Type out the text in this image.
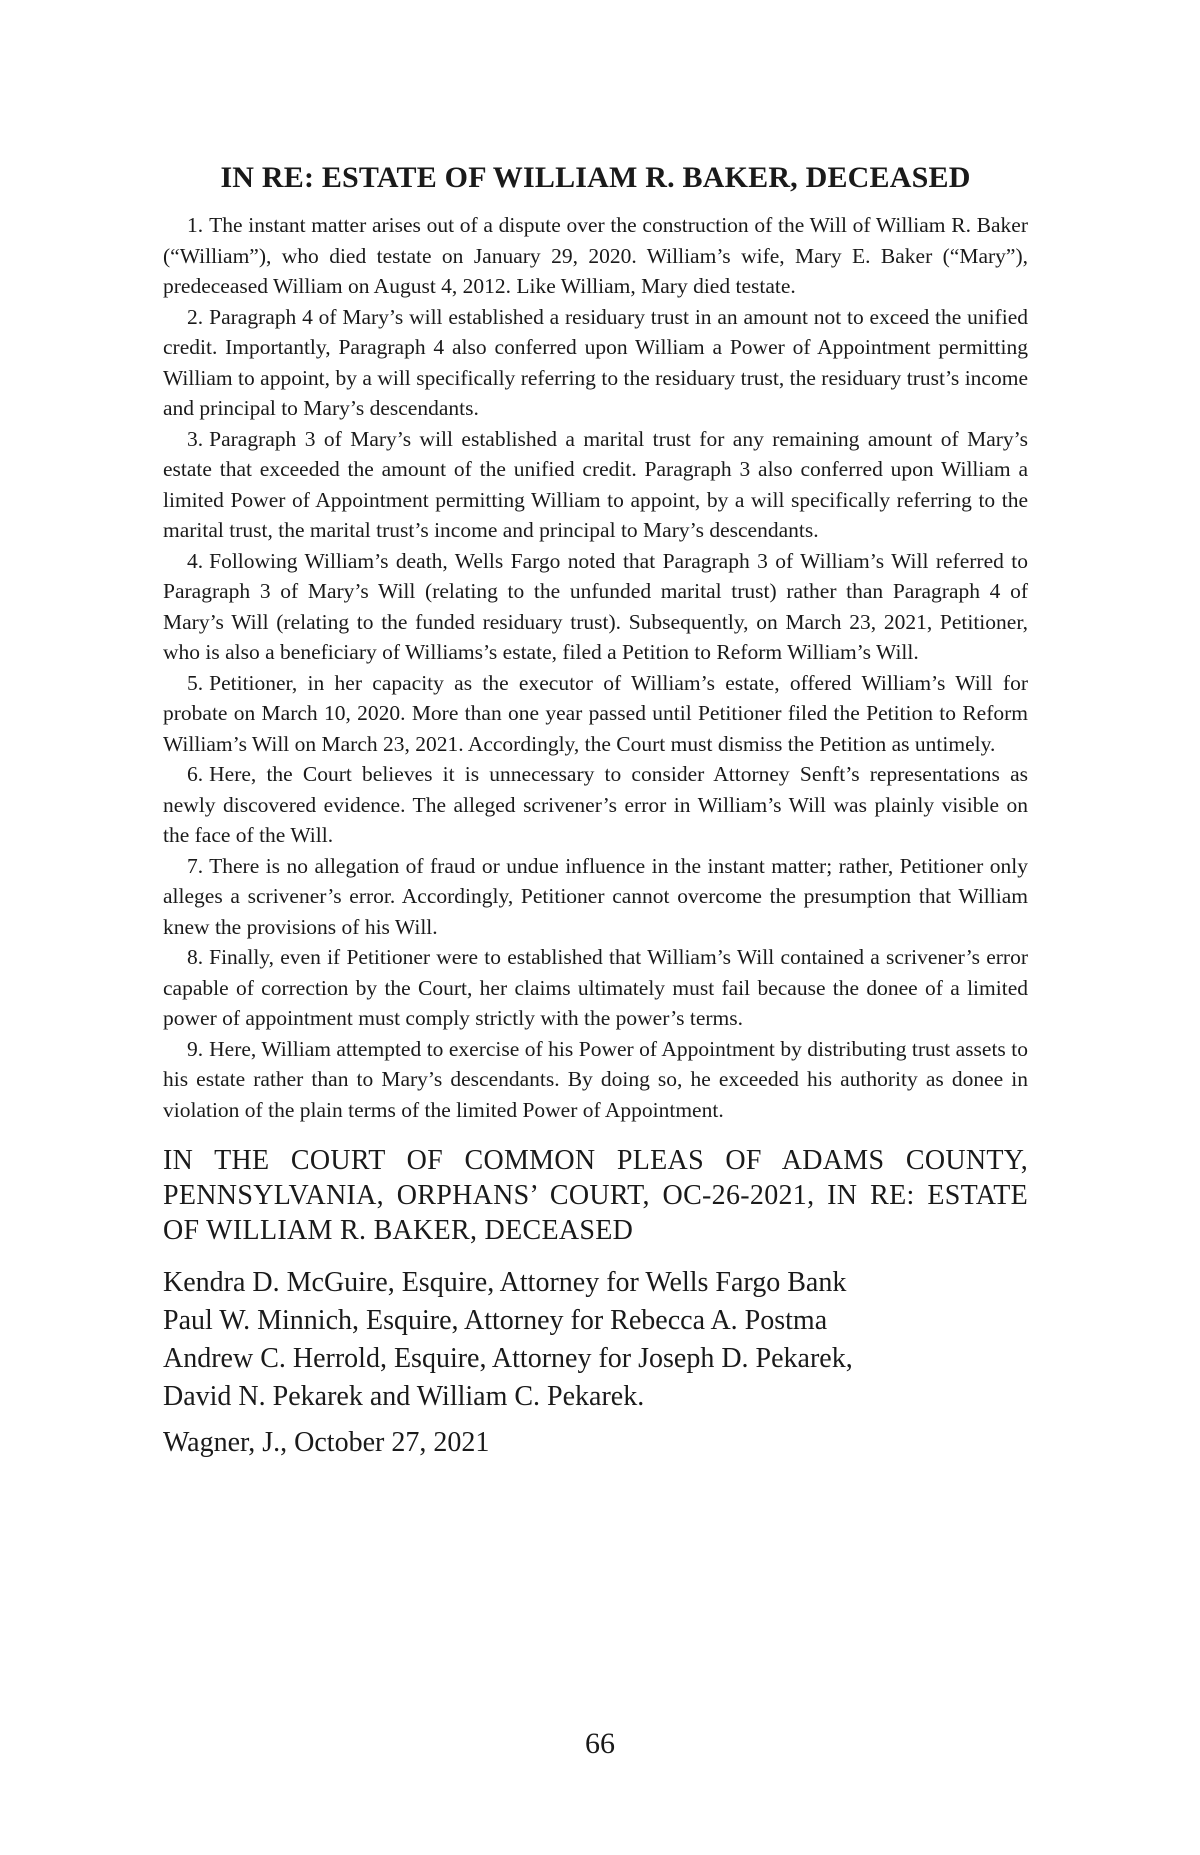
IN RE: ESTATE OF WILLIAM R. BAKER, DECEASED

1. The instant matter arises out of a dispute over the construction of the Will of William R. Baker (“William”), who died testate on January 29, 2020. William’s wife, Mary E. Baker (“Mary”), predeceased William on August 4, 2012. Like William, Mary died testate.

2. Paragraph 4 of Mary’s will established a residuary trust in an amount not to exceed the unified credit. Importantly, Paragraph 4 also conferred upon William a Power of Appointment permitting William to appoint, by a will specifically referring to the residuary trust, the residuary trust’s income and principal to Mary’s descendants.

3. Paragraph 3 of Mary’s will established a marital trust for any remaining amount of Mary’s estate that exceeded the amount of the unified credit. Paragraph 3 also conferred upon William a limited Power of Appointment permitting William to appoint, by a will specifically referring to the marital trust, the marital trust’s income and principal to Mary’s descendants.

4. Following William’s death, Wells Fargo noted that Paragraph 3 of William’s Will referred to Paragraph 3 of Mary’s Will (relating to the unfunded marital trust) rather than Paragraph 4 of Mary’s Will (relating to the funded residuary trust). Subsequently, on March 23, 2021, Petitioner, who is also a beneficiary of Williams’s estate, filed a Petition to Reform William’s Will.

5. Petitioner, in her capacity as the executor of William’s estate, offered William’s Will for probate on March 10, 2020. More than one year passed until Petitioner filed the Petition to Reform William’s Will on March 23, 2021. Accordingly, the Court must dismiss the Petition as untimely.

6. Here, the Court believes it is unnecessary to consider Attorney Senft’s representations as newly discovered evidence. The alleged scrivener’s error in William’s Will was plainly visible on the face of the Will.

7. There is no allegation of fraud or undue influence in the instant matter; rather, Petitioner only alleges a scrivener’s error. Accordingly, Petitioner cannot overcome the presumption that William knew the provisions of his Will.

8. Finally, even if Petitioner were to established that William’s Will contained a scrivener’s error capable of correction by the Court, her claims ultimately must fail because the donee of a limited power of appointment must comply strictly with the power’s terms.

9. Here, William attempted to exercise of his Power of Appointment by distributing trust assets to his estate rather than to Mary’s descendants. By doing so, he exceeded his authority as donee in violation of the plain terms of the limited Power of Appointment.

IN THE COURT OF COMMON PLEAS OF ADAMS COUNTY, PENNSYLVANIA, ORPHANS’ COURT, OC-26-2021, IN RE: ESTATE OF WILLIAM R. BAKER, DECEASED

Kendra D. McGuire, Esquire, Attorney for Wells Fargo Bank

Paul W. Minnich, Esquire, Attorney for Rebecca A. Postma

Andrew C. Herrold, Esquire, Attorney for Joseph D. Pekarek,

David N. Pekarek and William C. Pekarek.

Wagner, J., October 27, 2021

66
